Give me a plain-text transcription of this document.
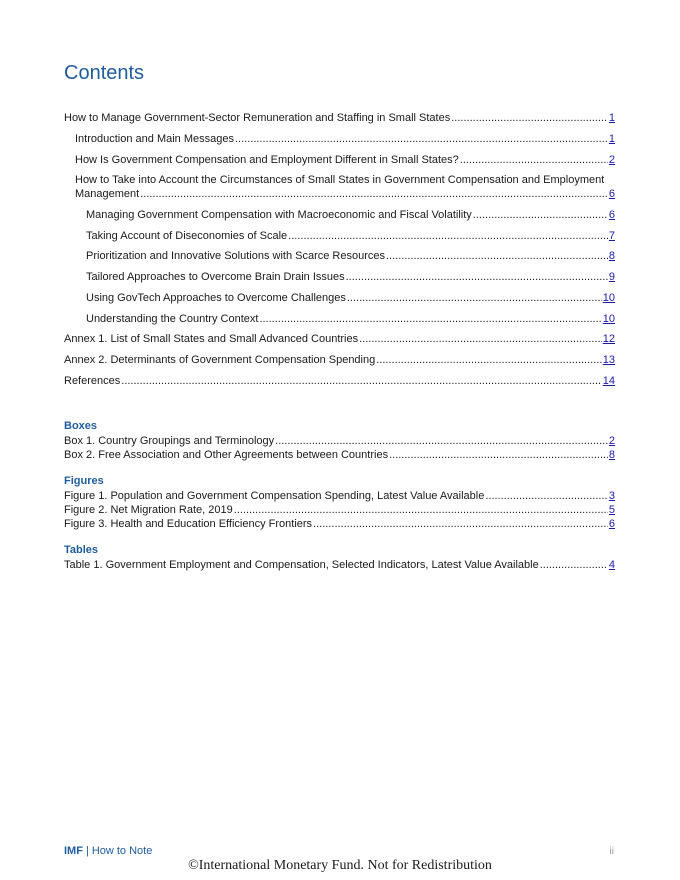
Contents
How to Manage Government-Sector Remuneration and Staffing in Small States .....	1
Introduction and Main Messages .....	1
How Is Government Compensation and Employment Different in Small States? .....	2
How to Take into Account the Circumstances of Small States in Government Compensation and Employment
Management .....	6
Managing Government Compensation with Macroeconomic and Fiscal Volatility .....	6
Taking Account of Diseconomies of Scale .....	7
Prioritization and Innovative Solutions with Scarce Resources .....	8
Tailored Approaches to Overcome Brain Drain Issues .....	9
Using GovTech Approaches to Overcome Challenges .....	10
Understanding the Country Context .....	10
Annex 1. List of Small States and Small Advanced Countries .....	12
Annex 2. Determinants of Government Compensation Spending .....	13
References .....	14
Boxes
Box 1. Country Groupings and Terminology .....	2
Box 2. Free Association and Other Agreements between Countries .....	8
Figures
Figure 1. Population and Government Compensation Spending, Latest Value Available .....	3
Figure 2. Net Migration Rate, 2019 .....	5
Figure 3. Health and Education Efficiency Frontiers .....	6
Tables
Table 1. Government Employment and Compensation, Selected Indicators, Latest Value Available .....	4
IMF | How to Note	ii
©International Monetary Fund. Not for Redistribution
